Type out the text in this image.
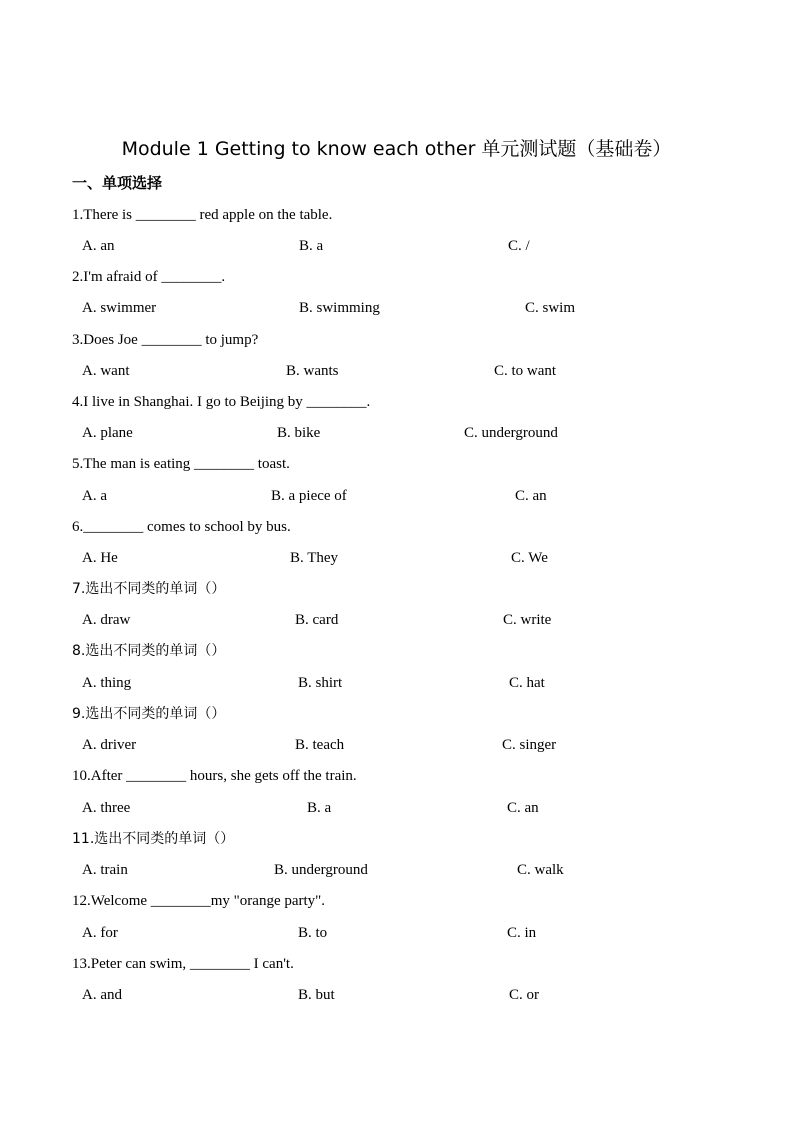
Module 1 Getting to know each other 单元测试题（基础卷）
一、单项选择
1.There is ________ red apple on the table.
A. an	B. a	C. /
2.I'm afraid of ________.
A. swimmer	B. swimming	C. swim
3.Does Joe ________ to jump?
A. want	B. wants	C. to want
4.I live in Shanghai. I go to Beijing by ________.
A. plane	B. bike	C. underground
5.The man is eating ________ toast.
A. a	B. a piece of	C. an
6.________ comes to school by bus.
A. He	B. They	C. We
7.选出不同类的单词（）
A. draw	B. card	C. write
8.选出不同类的单词（）
A. thing	B. shirt	C. hat
9.选出不同类的单词（）
A. driver	B. teach	C. singer
10.After ________ hours, she gets off the train.
A. three	B. a	C. an
11.选出不同类的单词（）
A. train	B. underground	C. walk
12.Welcome ________my "orange party".
A. for	B. to	C. in
13.Peter can swim, ________ I can't.
A. and	B. but	C. or
